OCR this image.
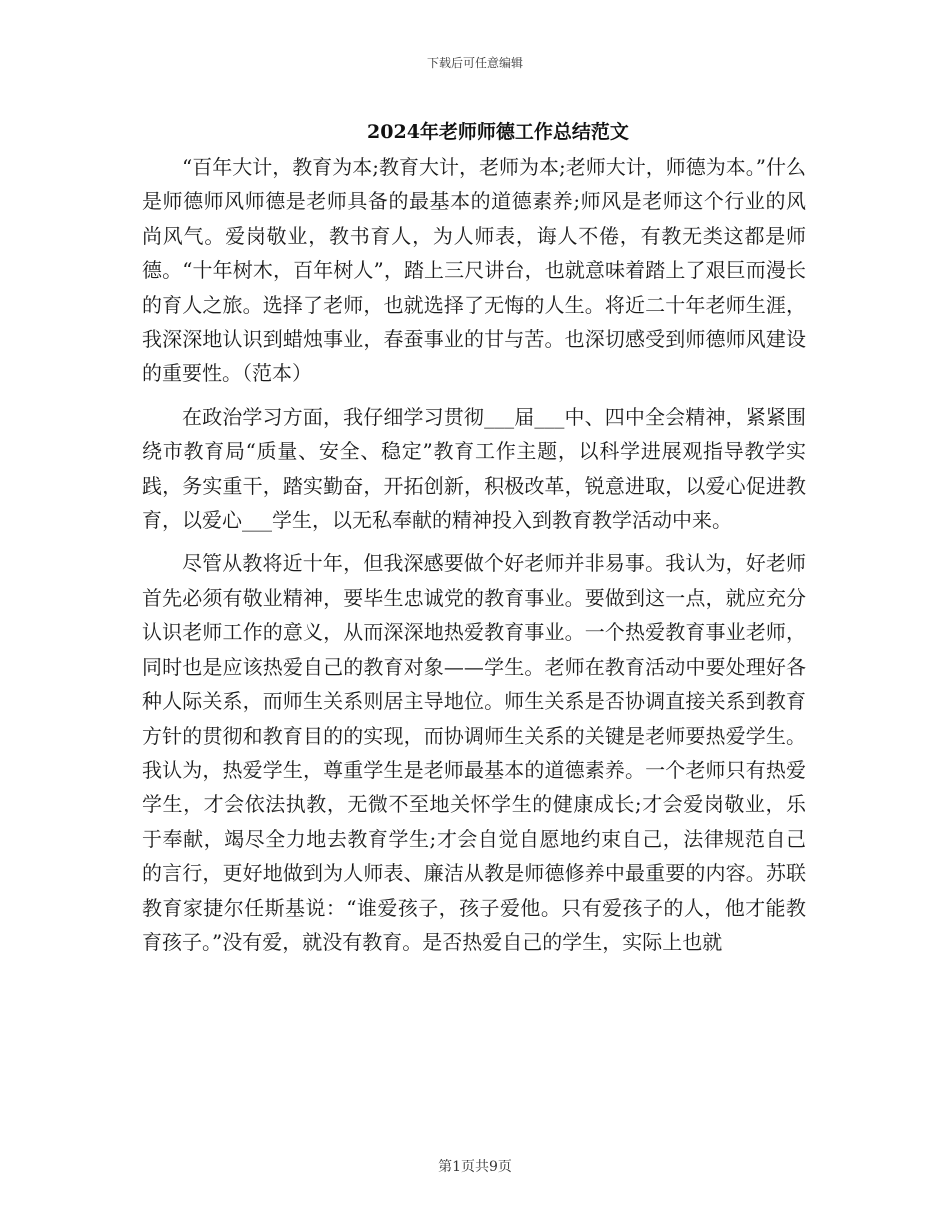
下载后可任意编辑
2024年老师师德工作总结范文

“百年大计，教育为本;教育大计，老师为本;老师大计，师德为本。”什么是师德师风师德是老师具备的最基本的道德素养;师风是老师这个行业的风尚风气。爱岗敬业，教书育人，为人师表，诲人不倦，有教无类这都是师德。“十年树木，百年树人”，踏上三尺讲台，也就意味着踏上了艰巨而漫长的育人之旅。选择了老师，也就选择了无悔的人生。将近二十年老师生涯，我深深地认识到蜡烛事业，春蚕事业的甘与苦。也深切感受到师德师风建设的重要性。（范本）

在政治学习方面，我仔细学习贯彻___届___中、四中全会精神，紧紧围绕市教育局“质量、安全、稳定”教育工作主题，以科学进展观指导教学实践，务实重干，踏实勤奋，开拓创新，积极改革，锐意进取，以爱心促进教育，以爱心___学生，以无私奉献的精神投入到教育教学活动中来。

尽管从教将近十年，但我深感要做个好老师并非易事。我认为，好老师首先必须有敬业精神，要毕生忠诚党的教育事业。要做到这一点，就应充分认识老师工作的意义，从而深深地热爱教育事业。一个热爱教育事业老师，同时也是应该热爱自己的教育对象——学生。老师在教育活动中要处理好各种人际关系，而师生关系则居主导地位。师生关系是否协调直接关系到教育方针的贯彻和教育目的的实现，而协调师生关系的关键是老师要热爱学生。我认为，热爱学生，尊重学生是老师最基本的道德素养。一个老师只有热爱学生，才会依法执教，无微不至地关怀学生的健康成长;才会爱岗敬业，乐于奉献，竭尽全力地去教育学生;才会自觉自愿地约束自己，法律规范自己的言行，更好地做到为人师表、廉洁从教是师德修养中最重要的内容。苏联教育家捷尔任斯基说：“谁爱孩子，孩子爱他。只有爱孩子的人，他才能教育孩子。”没有爱，就没有教育。是否热爱自己的学生，实际上也就

第1页共9页
